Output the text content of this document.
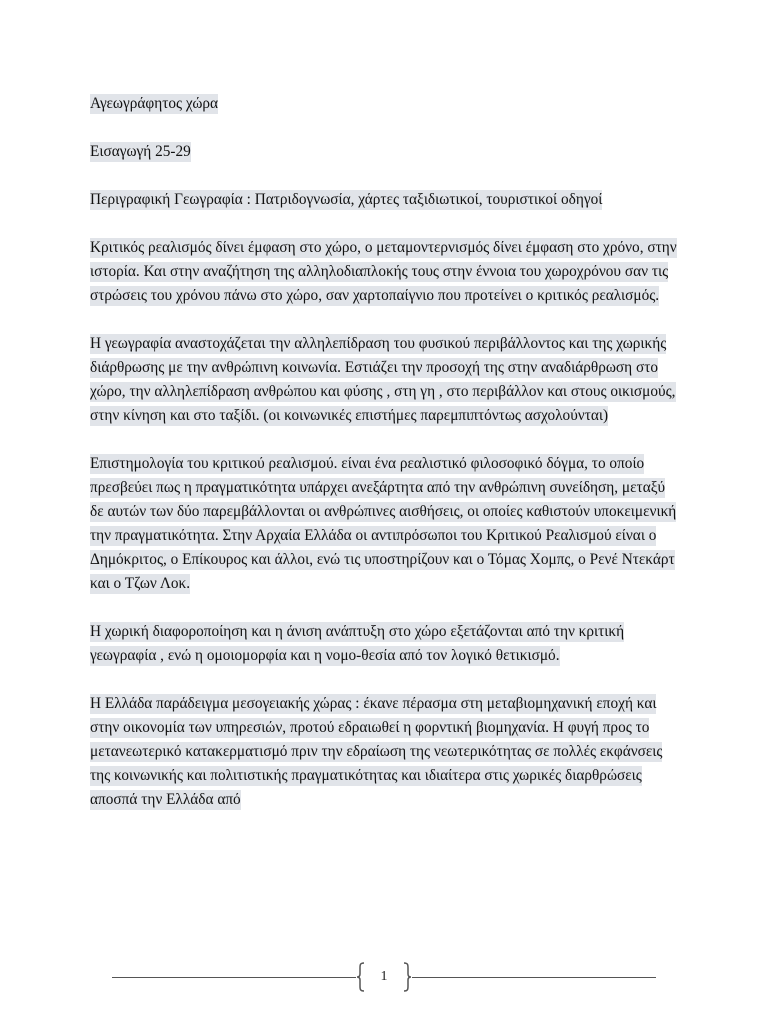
Αγεωγράφητος χώρα

Εισαγωγή 25-29

Περιγραφική Γεωγραφία : Πατριδογνωσία, χάρτες ταξιδιωτικοί, τουριστικοί οδηγοί

Κριτικός ρεαλισμός δίνει έμφαση στο χώρο, ο μεταμοντερνισμός δίνει έμφαση στο χρόνο, στην ιστορία. Και στην αναζήτηση της αλληλοδιαπλοκής τους στην έννοια του χωροχρόνου σαν τις στρώσεις του χρόνου πάνω στο χώρο, σαν χαρτοπαίγνιο που προτείνει ο κριτικός ρεαλισμός.

Η γεωγραφία αναστοχάζεται την αλληλεπίδραση του φυσικού περιβάλλοντος και της χωρικής διάρθρωσης με την ανθρώπινη κοινωνία. Εστιάζει την προσοχή της στην αναδιάρθρωση στο χώρο, την αλληλεπίδραση ανθρώπου και φύσης , στη γη , στο περιβάλλον και στους οικισμούς, στην κίνηση και στο ταξίδι. (οι κοινωνικές επιστήμες παρεμπιπτόντως ασχολούνται)

Επιστημολογία του κριτικού ρεαλισμού. είναι ένα ρεαλιστικό φιλοσοφικό δόγμα, το οποίο πρεσβεύει πως η πραγματικότητα υπάρχει ανεξάρτητα από την ανθρώπινη συνείδηση, μεταξύ δε αυτών των δύο παρεμβάλλονται οι ανθρώπινες αισθήσεις, οι οποίες καθιστούν υποκειμενική την πραγματικότητα. Στην Αρχαία Ελλάδα οι αντιπρόσωποι του Κριτικού Ρεαλισμού είναι ο Δημόκριτος, ο Επίκουρος και άλλοι, ενώ τις υποστηρίζουν και ο Τόμας Χομπς, ο Ρενέ Ντεκάρτ και ο Τζων Λοκ.

Η χωρική διαφοροποίηση και η άνιση ανάπτυξη στο χώρο εξετάζονται από την κριτική γεωγραφία , ενώ η ομοιομορφία και η νομο-θεσία από τον λογικό θετικισμό.

Η Ελλάδα παράδειγμα μεσογειακής χώρας : έκανε πέρασμα στη μεταβιομηχανική εποχή και στην οικονομία των υπηρεσιών, προτού εδραιωθεί η φορντική βιομηχανία. Η φυγή προς το μετανεωτερικό κατακερματισμό πριν την εδραίωση της νεωτερικότητας σε πολλές εκφάνσεις της κοινωνικής και πολιτιστικής πραγματικότητας και ιδιαίτερα στις χωρικές διαρθρώσεις αποσπά την Ελλάδα από

1
